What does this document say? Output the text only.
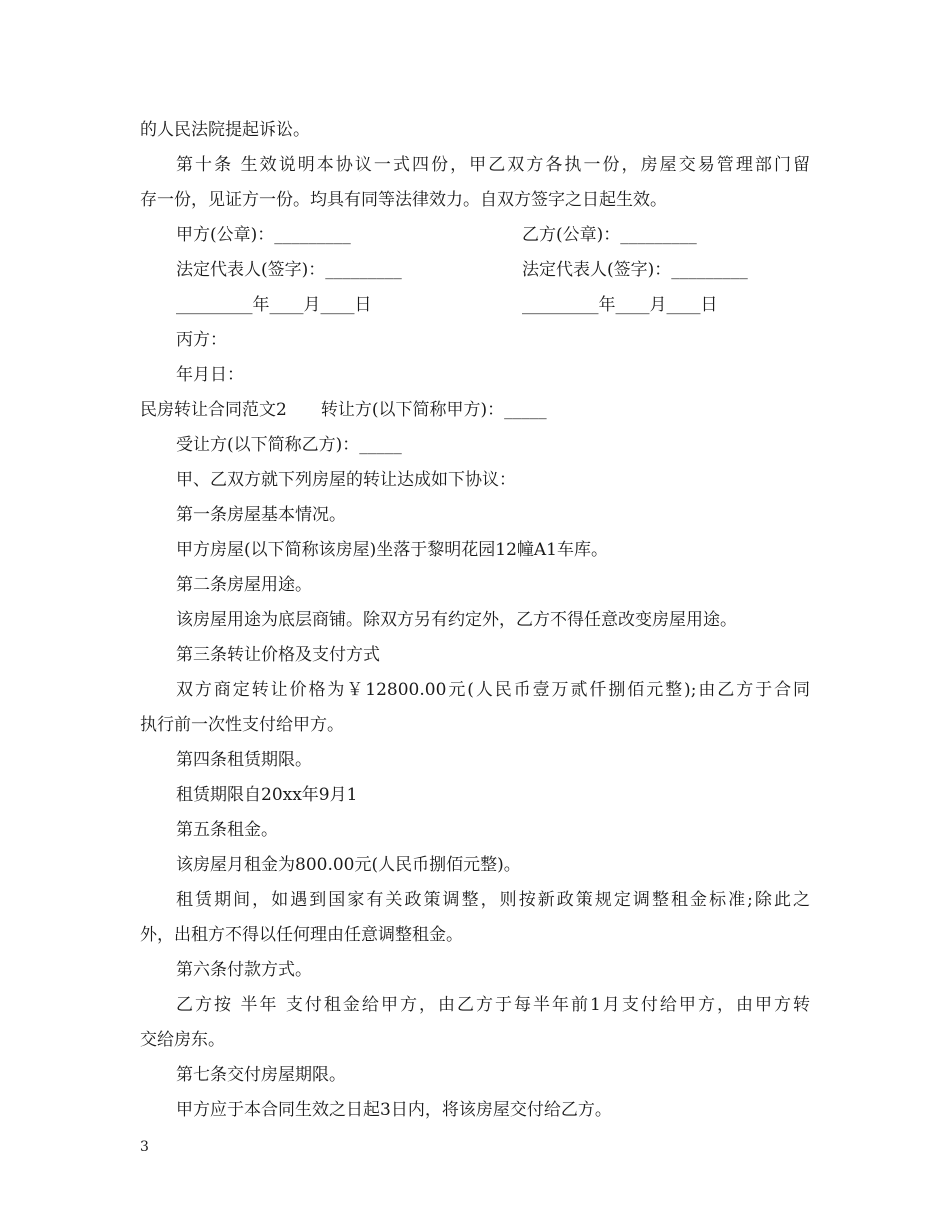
的人民法院提起诉讼。
第十条 生效说明本协议一式四份，甲乙双方各执一份，房屋交易管理部门留
存一份，见证方一份。均具有同等法律效力。自双方签字之日起生效。
甲方(公章)：_________	乙方(公章)：_________
法定代表人(签字)：_________	法定代表人(签字)：_________
_________年____月____日	_________年____月____日
丙方：
年月日：
民房转让合同范文2 转让方(以下简称甲方)：_____
受让方(以下简称乙方)：_____
甲、乙双方就下列房屋的转让达成如下协议：
第一条房屋基本情况。
甲方房屋(以下简称该房屋)坐落于黎明花园12幢A1车库。
第二条房屋用途。
该房屋用途为底层商铺。除双方另有约定外，乙方不得任意改变房屋用途。
第三条转让价格及支付方式
双方商定转让价格为￥12800.00元(人民币壹万贰仟捌佰元整);由乙方于合同
执行前一次性支付给甲方。
第四条租赁期限。
租赁期限自20xx年9月1
第五条租金。
该房屋月租金为800.00元(人民币捌佰元整)。
租赁期间，如遇到国家有关政策调整，则按新政策规定调整租金标准;除此之
外，出租方不得以任何理由任意调整租金。
第六条付款方式。
乙方按 半年 支付租金给甲方，由乙方于每半年前1月支付给甲方，由甲方转
交给房东。
第七条交付房屋期限。
甲方应于本合同生效之日起3日内，将该房屋交付给乙方。
3
